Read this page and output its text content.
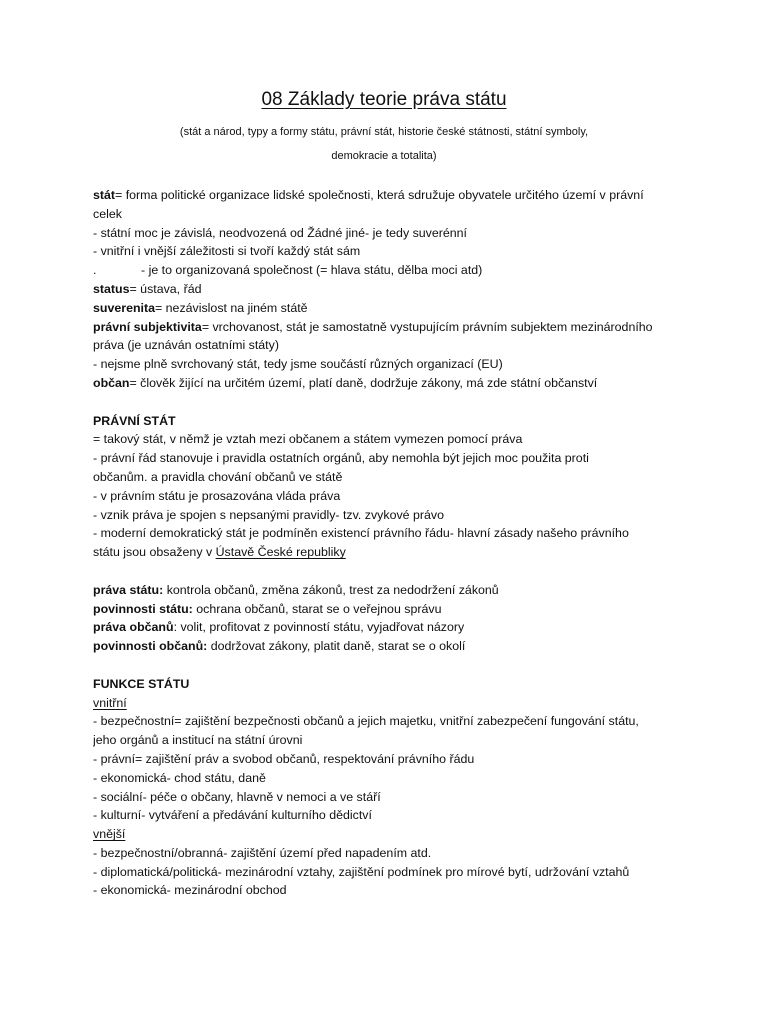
08 Základy teorie práva státu
(stát a národ, typy a formy státu, právní stát, historie české státnosti, státní symboly,
demokracie a totalita)
stát= forma politické organizace lidské společnosti, která sdružuje obyvatele určitého území v právní
celek
- státní moc je závislá, neodvozená od Žádné jiné- je tedy suverénní
- vnitřní i vnější záležitosti si tvoří každý stát sám
.	- je to organizovaná společnost (= hlava státu, dělba moci atd)
status= ústava, řád
suverenita= nezávislost na jiném státě
právní subjektivita= vrchovanost, stát je samostatně vystupujícím právním subjektem mezinárodního
práva (je uznáván ostatními státy)
- nejsme plně svrchovaný stát, tedy jsme součástí různých organizací (EU)
občan= člověk žijící na určitém území, platí daně, dodržuje zákony, má zde státní občanství
PRÁVNÍ STÁT
= takový stát, v němž je vztah mezi občanem a státem vymezen pomocí práva
- právní řád stanovuje i pravidla ostatních orgánů, aby nemohla být jejich moc použita proti
občanům. a pravidla chování občanů ve státě
- v právním státu je prosazována vláda práva
- vznik práva je spojen s nepsanými pravidly- tzv. zvykové právo
- moderní demokratický stát je podmíněn existencí právního řádu- hlavní zásady našeho právního
státu jsou obsaženy v Ústavě České republiky
práva státu: kontrola občanů, změna zákonů, trest za nedodržení zákonů
povinnosti státu: ochrana občanů, starat se o veřejnou správu
práva občanů: volit, profitovat z povinností státu, vyjadřovat názory
povinnosti občanů: dodržovat zákony, platit daně, starat se o okolí
FUNKCE STÁTU
vnitřní
- bezpečnostní= zajištění bezpečnosti občanů a jejich majetku, vnitřní zabezpečení fungování státu,
jeho orgánů a institucí na státní úrovni
- právní= zajištění práv a svobod občanů, respektování právního řádu
- ekonomická- chod státu, daně
- sociální- péče o občany, hlavně v nemoci a ve stáří
- kulturní- vytváření a předávání kulturního dědictví
vnější
- bezpečnostní/obranná- zajištění území před napadením atd.
- diplomatická/politická- mezinárodní vztahy, zajištění podmínek pro mírové bytí, udržování vztahů
- ekonomická- mezinárodní obchod
